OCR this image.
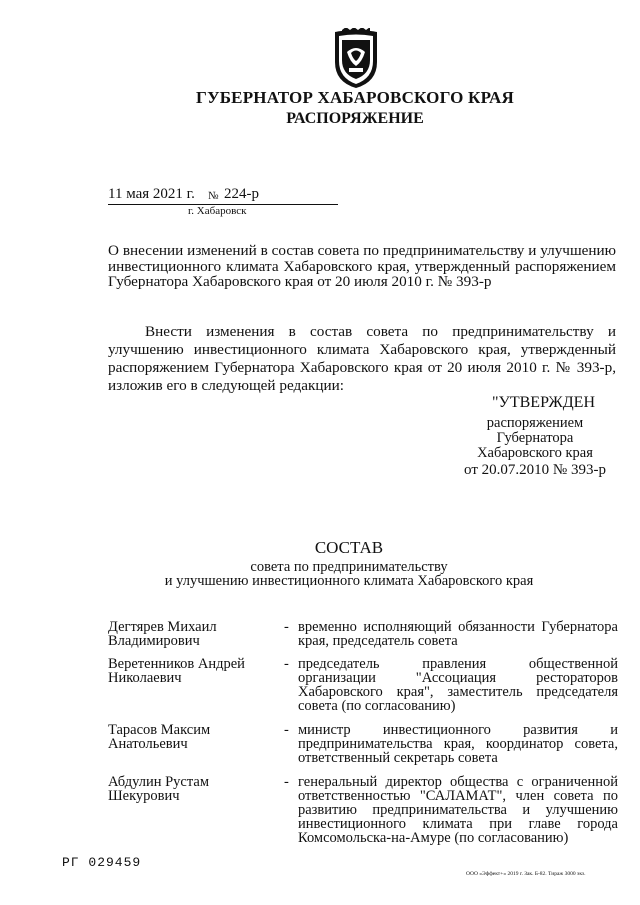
ГУБЕРНАТОР ХАБАРОВСКОГО КРАЯ
РАСПОРЯЖЕНИЕ
11 мая 2021 г. № 224-р
г. Хабаровск
О внесении изменений в состав совета по предпринимательству и улучшению инвестиционного климата Хабаровского края, утвержденный распоряжением Губернатора Хабаровского края от 20 июля 2010 г. № 393-р
Внести изменения в состав совета по предпринимательству и улучшению инвестиционного климата Хабаровского края, утвержденный распоряжением Губернатора Хабаровского края от 20 июля 2010 г. № 393-р, изложив его в следующей редакции:
"УТВЕРЖДЕН
распоряжением
Губернатора
Хабаровского края
от 20.07.2010 № 393-р
СОСТАВ
совета по предпринимательству
и улучшению инвестиционного климата Хабаровского края
Дегтярев Михаил
Владимирович
- временно исполняющий обязанности Губернатора края, председатель совета
Веретенников Андрей
Николаевич
- председатель правления общественной организации "Ассоциация рестораторов Хабаровского края", заместитель председателя совета (по согласованию)
Тарасов Максим
Анатольевич
- министр инвестиционного развития и предпринимательства края, координатор совета, ответственный секретарь совета
Абдулин Рустам
Шекурович
- генеральный директор общества с ограниченной ответственностью "САЛАМАТ", член совета по развитию предпринимательства и улучшению инвестиционного климата при главе города Комсомольска-на-Амуре (по согласованию)
РГ 029459
ООО «Эффект+» 2019 г. Зак. Б-82. Тираж 3000 экз.
